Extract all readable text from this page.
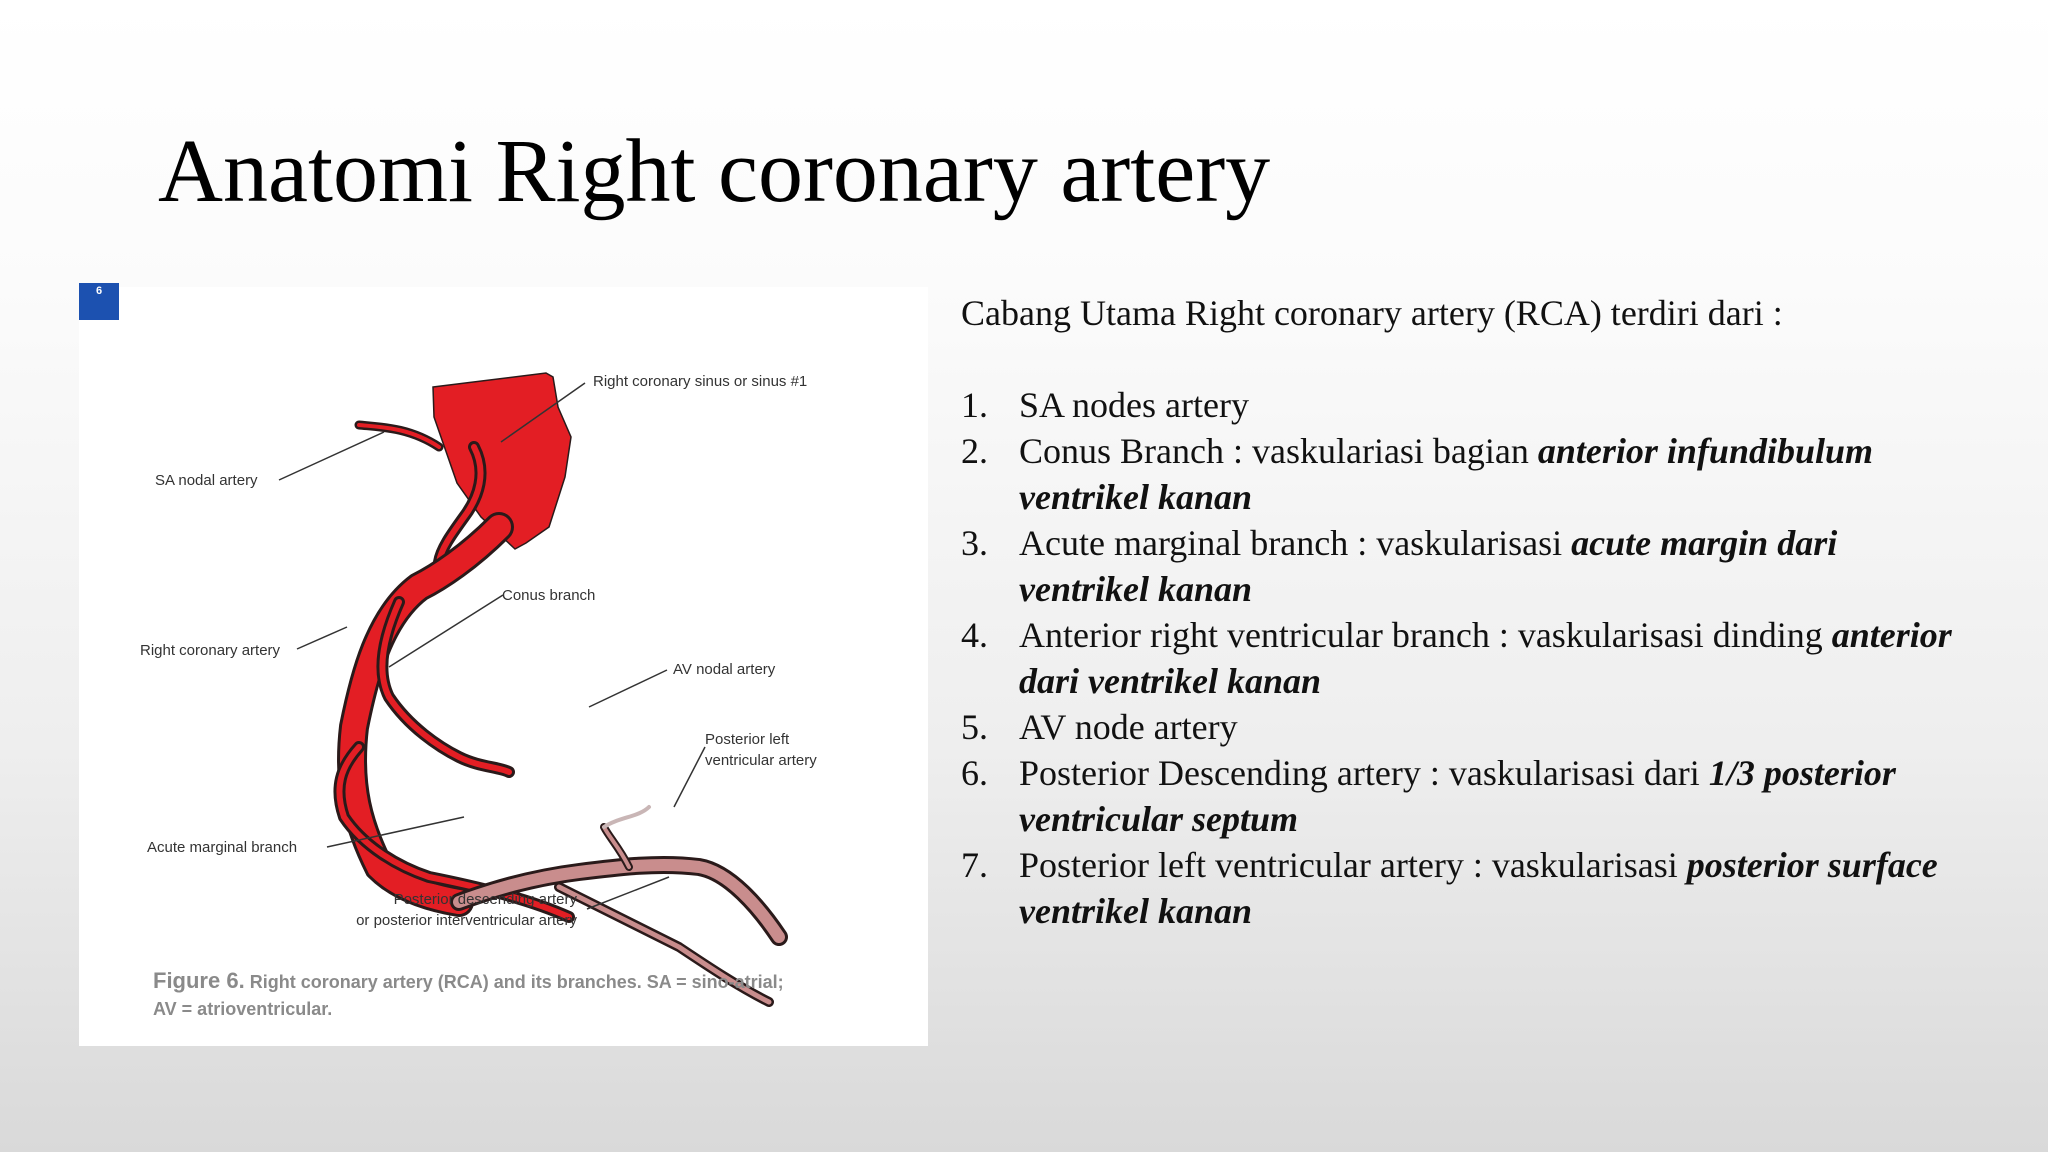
Anatomi Right coronary artery
Right coronary sinus or sinus #1
SA nodal artery
Conus branch
Right coronary artery
AV nodal artery
Posterior left
ventricular artery
Acute marginal branch
Posterior descending artery
or posterior interventricular artery
Figure 6. Right coronary artery (RCA) and its branches. SA = sino-atrial;
AV = atrioventricular.
6

Cabang Utama Right coronary artery (RCA) terdiri dari :

1. SA nodes artery
2. Conus Branch : vaskulariasi bagian anterior infundibulum
ventrikel kanan
3. Acute marginal branch : vaskularisasi acute margin dari
ventrikel kanan
4. Anterior right ventricular branch : vaskularisasi dinding anterior
dari ventrikel kanan
5. AV node artery
6. Posterior Descending artery : vaskularisasi dari 1/3 posterior
ventricular septum
7. Posterior left ventricular artery : vaskularisasi posterior surface
ventrikel kanan
